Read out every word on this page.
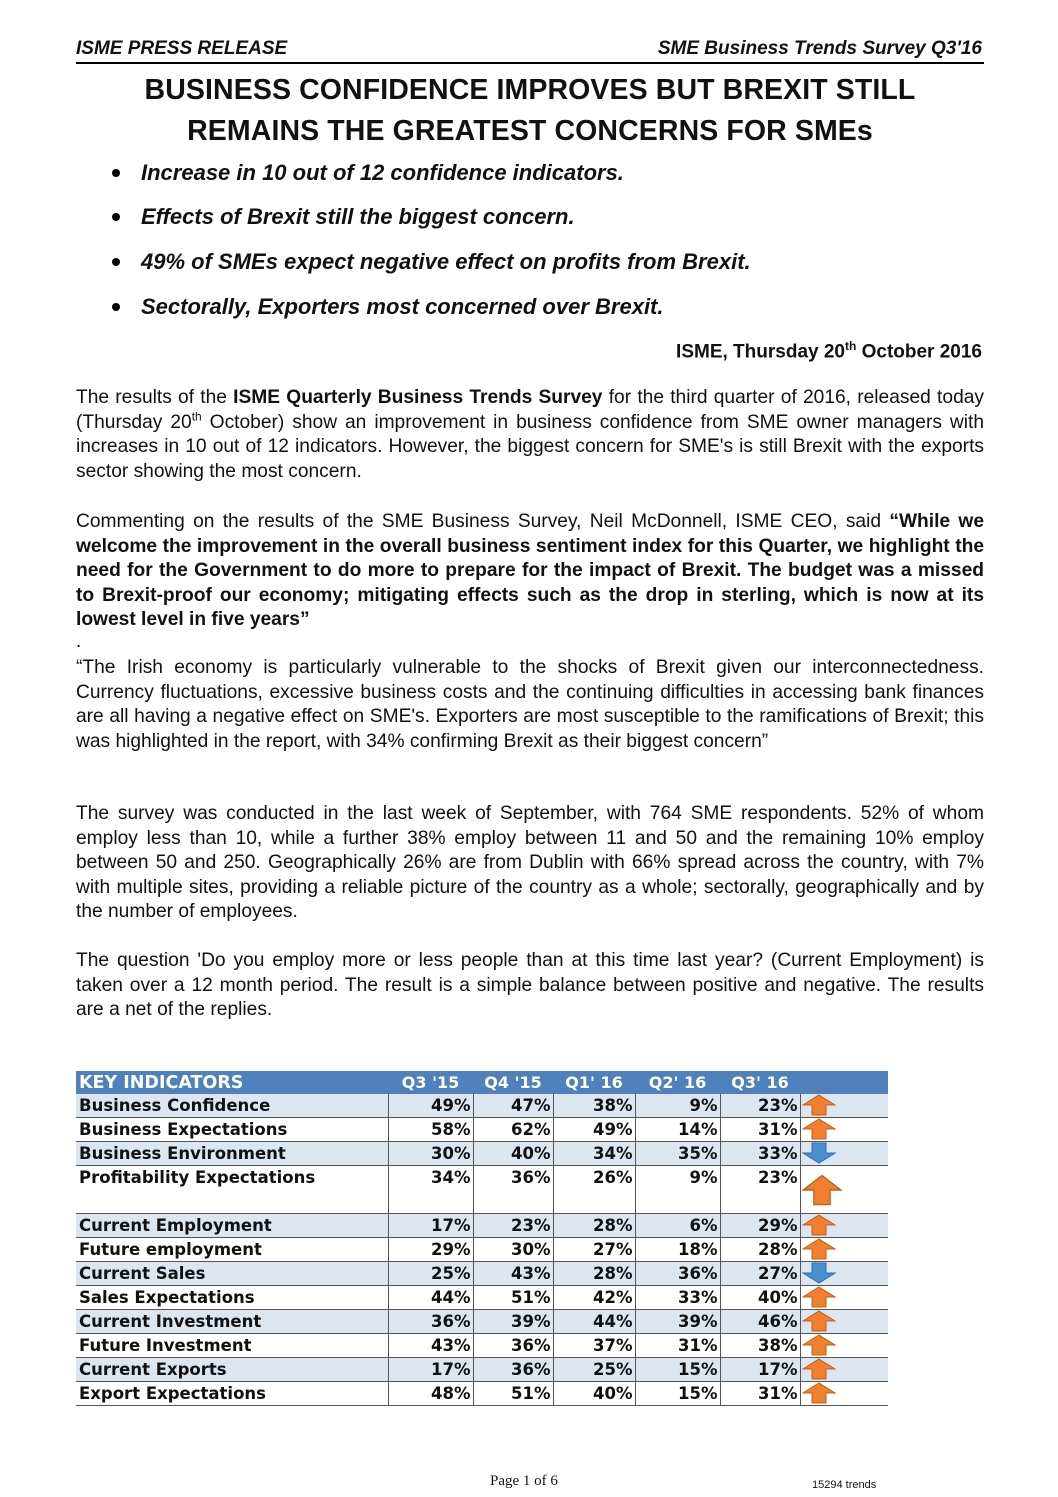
ISME PRESS RELEASE	SME Business Trends Survey Q3'16
BUSINESS CONFIDENCE IMPROVES BUT BREXIT STILL
REMAINS THE GREATEST CONCERNS FOR SMEs
Increase in 10 out of 12 confidence indicators.
Effects of Brexit still the biggest concern.
49% of SMEs expect negative effect on profits from Brexit.
Sectorally, Exporters most concerned over Brexit.
ISME, Thursday 20th October 2016
The results of the ISME Quarterly Business Trends Survey for the third quarter of 2016, released today (Thursday 20th October) show an improvement in business confidence from SME owner managers with increases in 10 out of 12 indicators. However, the biggest concern for SME's is still Brexit with the exports sector showing the most concern.
Commenting on the results of the SME Business Survey, Neil McDonnell, ISME CEO, said “While we welcome the improvement in the overall business sentiment index for this Quarter, we highlight the need for the Government to do more to prepare for the impact of Brexit. The budget was a missed to Brexit-proof our economy; mitigating effects such as the drop in sterling, which is now at its lowest level in five years”
.
“The Irish economy is particularly vulnerable to the shocks of Brexit given our interconnectedness. Currency fluctuations, excessive business costs and the continuing difficulties in accessing bank finances are all having a negative effect on SME's. Exporters are most susceptible to the ramifications of Brexit; this was highlighted in the report, with 34% confirming Brexit as their biggest concern”
The survey was conducted in the last week of September, with 764 SME respondents. 52% of whom employ less than 10, while a further 38% employ between 11 and 50 and the remaining 10% employ between 50 and 250. Geographically 26% are from Dublin with 66% spread across the country, with 7% with multiple sites, providing a reliable picture of the country as a whole; sectorally, geographically and by the number of employees.
The question 'Do you employ more or less people than at this time last year? (Current Employment) is taken over a 12 month period. The result is a simple balance between positive and negative. The results are a net of the replies.
KEY INDICATORS	Q3 '15	Q4 '15	Q1' 16	Q2' 16	Q3' 16	
Business Confidence	49%	47%	38%	9%	23%	

Business Expectations	58%	62%	49%	14%	31%	

Business Environment	30%	40%	34%	35%	33%	

Profitability Expectations	34%	36%	26%	9%	23%	

Current Employment	17%	23%	28%	6%	29%	

Future employment	29%	30%	27%	18%	28%	

Current Sales	25%	43%	28%	36%	27%	

Sales Expectations	44%	51%	42%	33%	40%	

Current Investment	36%	39%	44%	39%	46%	

Future Investment	43%	36%	37%	31%	38%	

Current Exports	17%	36%	25%	15%	17%	

Export Expectations	48%	51%	40%	15%	31%	
Page 1 of 6	15294 trends
